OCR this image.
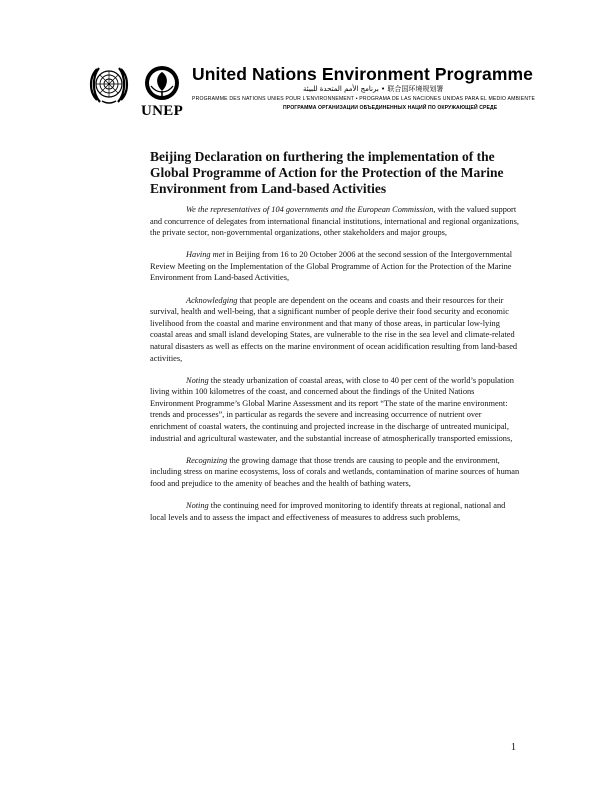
UNEP
United Nations Environment Programme
برنامج الأمم المتحدة للبيئة • 联合国环境规划署
PROGRAMME DES NATIONS UNIES POUR L'ENVIRONNEMENT • PROGRAMA DE LAS NACIONES UNIDAS PARA EL MEDIO AMBIENTE
ПРОГРАММА ОРГАНИЗАЦИИ ОБЪЕДИНЕННЫХ НАЦИЙ ПО ОКРУЖАЮЩЕЙ СРЕДЕ
Beijing Declaration on furthering the implementation of the Global Programme of Action for the Protection of the Marine Environment from Land-based Activities

We the representatives of 104 governments and the European Commission, with the valued support and concurrence of delegates from international financial institutions, international and regional organizations, the private sector, non-governmental organizations, other stakeholders and major groups,

Having met in Beijing from 16 to 20 October 2006 at the second session of the Intergovernmental Review Meeting on the Implementation of the Global Programme of Action for the Protection of the Marine Environment from Land-based Activities,

Acknowledging that people are dependent on the oceans and coasts and their resources for their survival, health and well-being, that a significant number of people derive their food security and economic livelihood from the coastal and marine environment and that many of those areas, in particular low-lying coastal areas and small island developing States, are vulnerable to the rise in the sea level and climate-related natural disasters as well as effects on the marine environment of ocean acidification resulting from land-based activities,

Noting the steady urbanization of coastal areas, with close to 40 per cent of the world’s population living within 100 kilometres of the coast, and concerned about the findings of the United Nations Environment Programme’s Global Marine Assessment and its report “The state of the marine environment: trends and processes”, in particular as regards the severe and increasing occurrence of nutrient over enrichment of coastal waters, the continuing and projected increase in the discharge of untreated municipal, industrial and agricultural wastewater, and the substantial increase of atmospherically transported emissions,

Recognizing the growing damage that those trends are causing to people and the environment, including stress on marine ecosystems, loss of corals and wetlands, contamination of marine sources of human food and prejudice to the amenity of beaches and the health of bathing waters,

Noting the continuing need for improved monitoring to identify threats at regional, national and local levels and to assess the impact and effectiveness of measures to address such problems,

1
